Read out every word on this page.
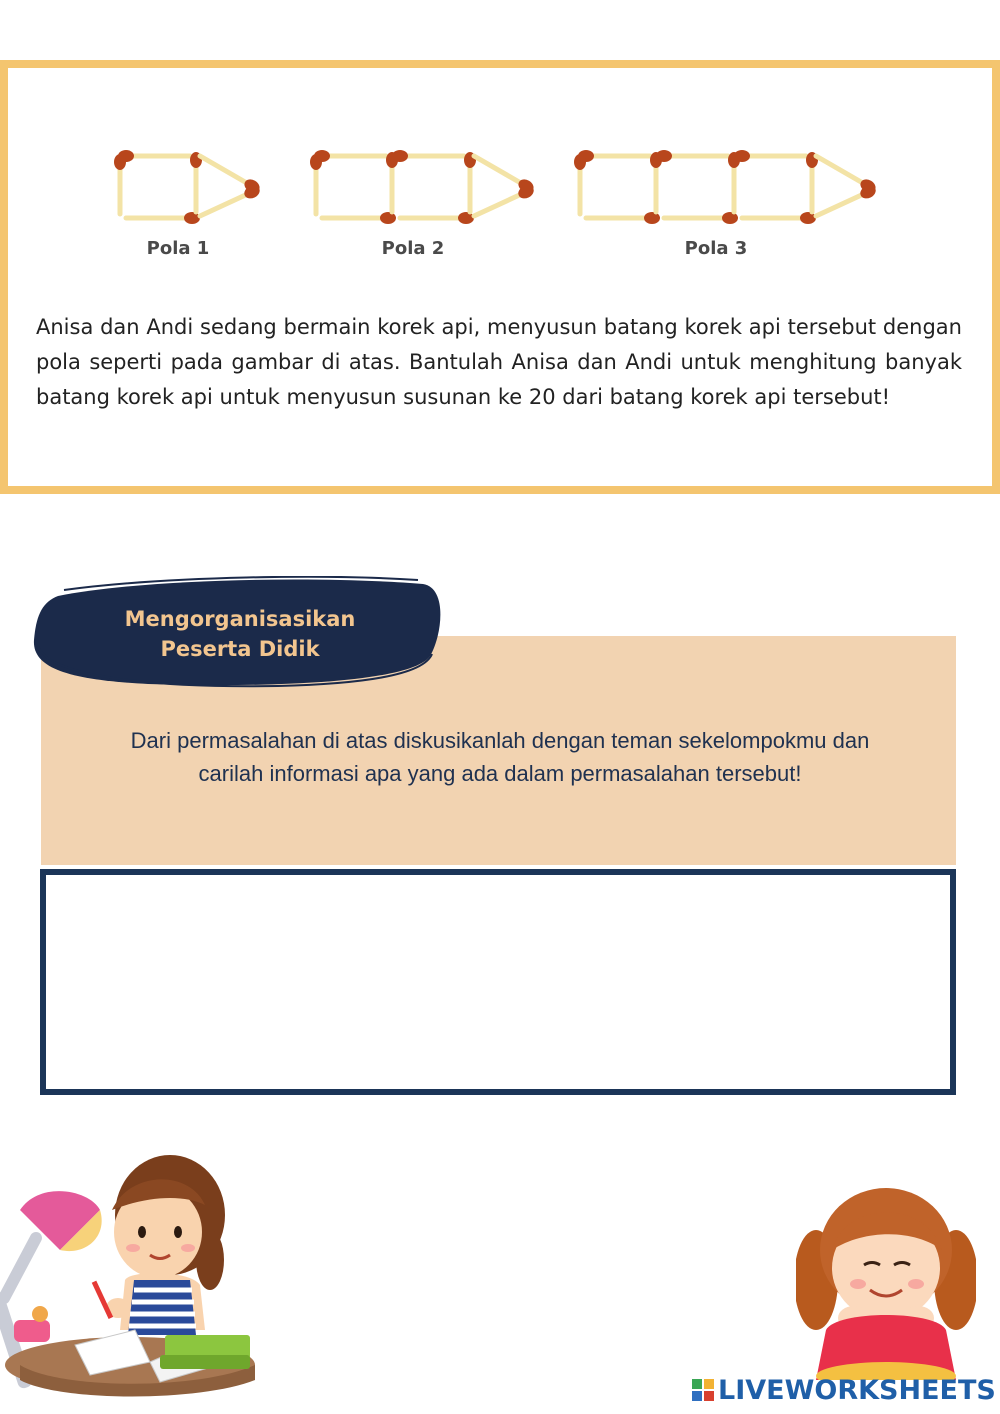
Pola 1	Pola 2	Pola 3

Anisa dan Andi sedang bermain korek api, menyusun batang korek api tersebut dengan pola seperti pada gambar di atas. Bantulah Anisa dan Andi untuk menghitung banyak batang korek api untuk menyusun susunan ke 20 dari batang korek api tersebut!

Mengorganisasikan
Peserta Didik
Dari permasalahan di atas diskusikanlah dengan teman sekelompokmu dan
carilah informasi apa yang ada dalam permasalahan tersebut!
LIVEWORKSHEETS
